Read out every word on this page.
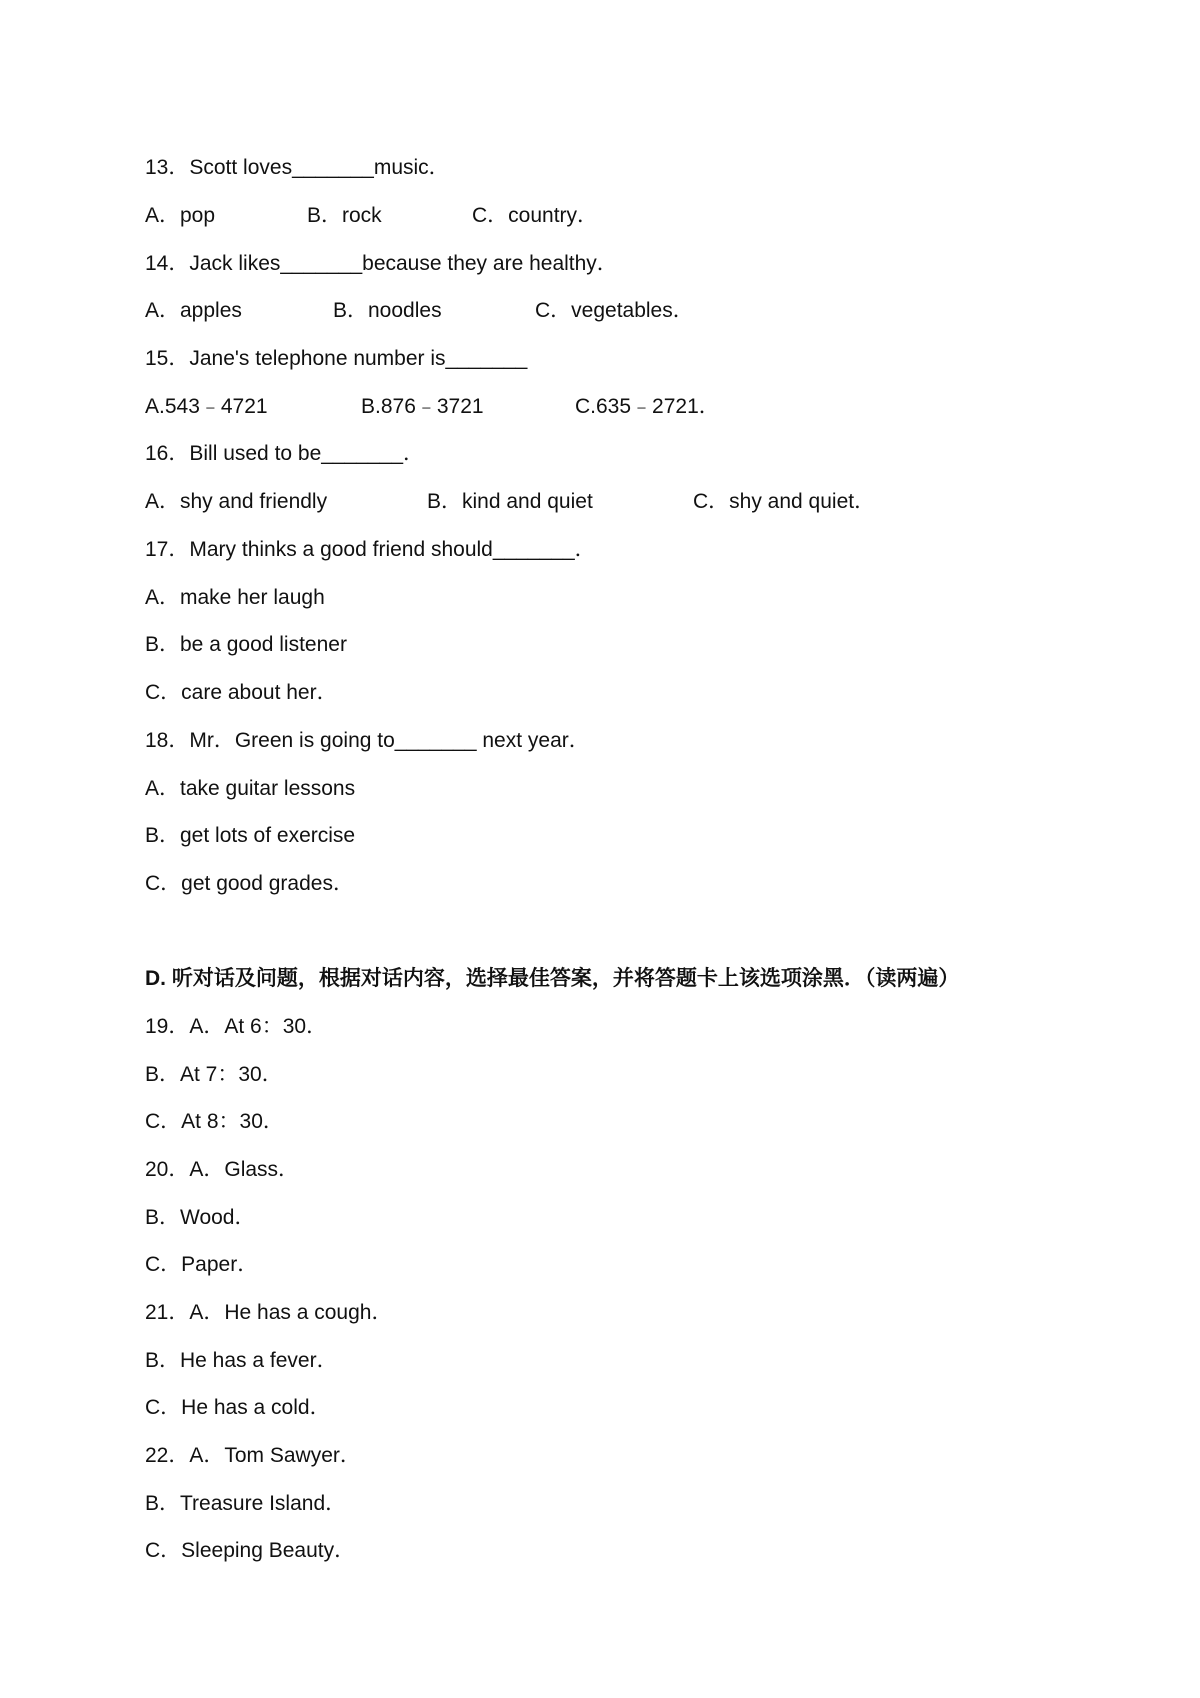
13．Scott loves_______music．
A．pop	B．rock	C．country．
14．Jack likes_______because they are healthy．
A．apples	B．noodles	C．vegetables．
15．Jane's telephone number is_______
A.543﹣4721	B.876﹣3721	C.635﹣2721．
16．Bill used to be_______．
A．shy and friendly	B．kind and quiet	C．shy and quiet．
17．Mary thinks a good friend should_______．
A．make her laugh
B．be a good listener
C．care about her．
18．Mr．Green is going to_______ next year．
A．take guitar lessons
B．get lots of exercise
C．get good grades．
D. 听对话及问题，根据对话内容，选择最佳答案，并将答题卡上该选项涂黑．（读两遍）
19．A．At 6：30．
B．At 7：30．
C．At 8：30．
20．A．Glass．
B．Wood．
C．Paper．
21．A．He has a cough．
B．He has a fever．
C．He has a cold．
22．A．Tom Sawyer．
B．Treasure Island．
C．Sleeping Beauty．
